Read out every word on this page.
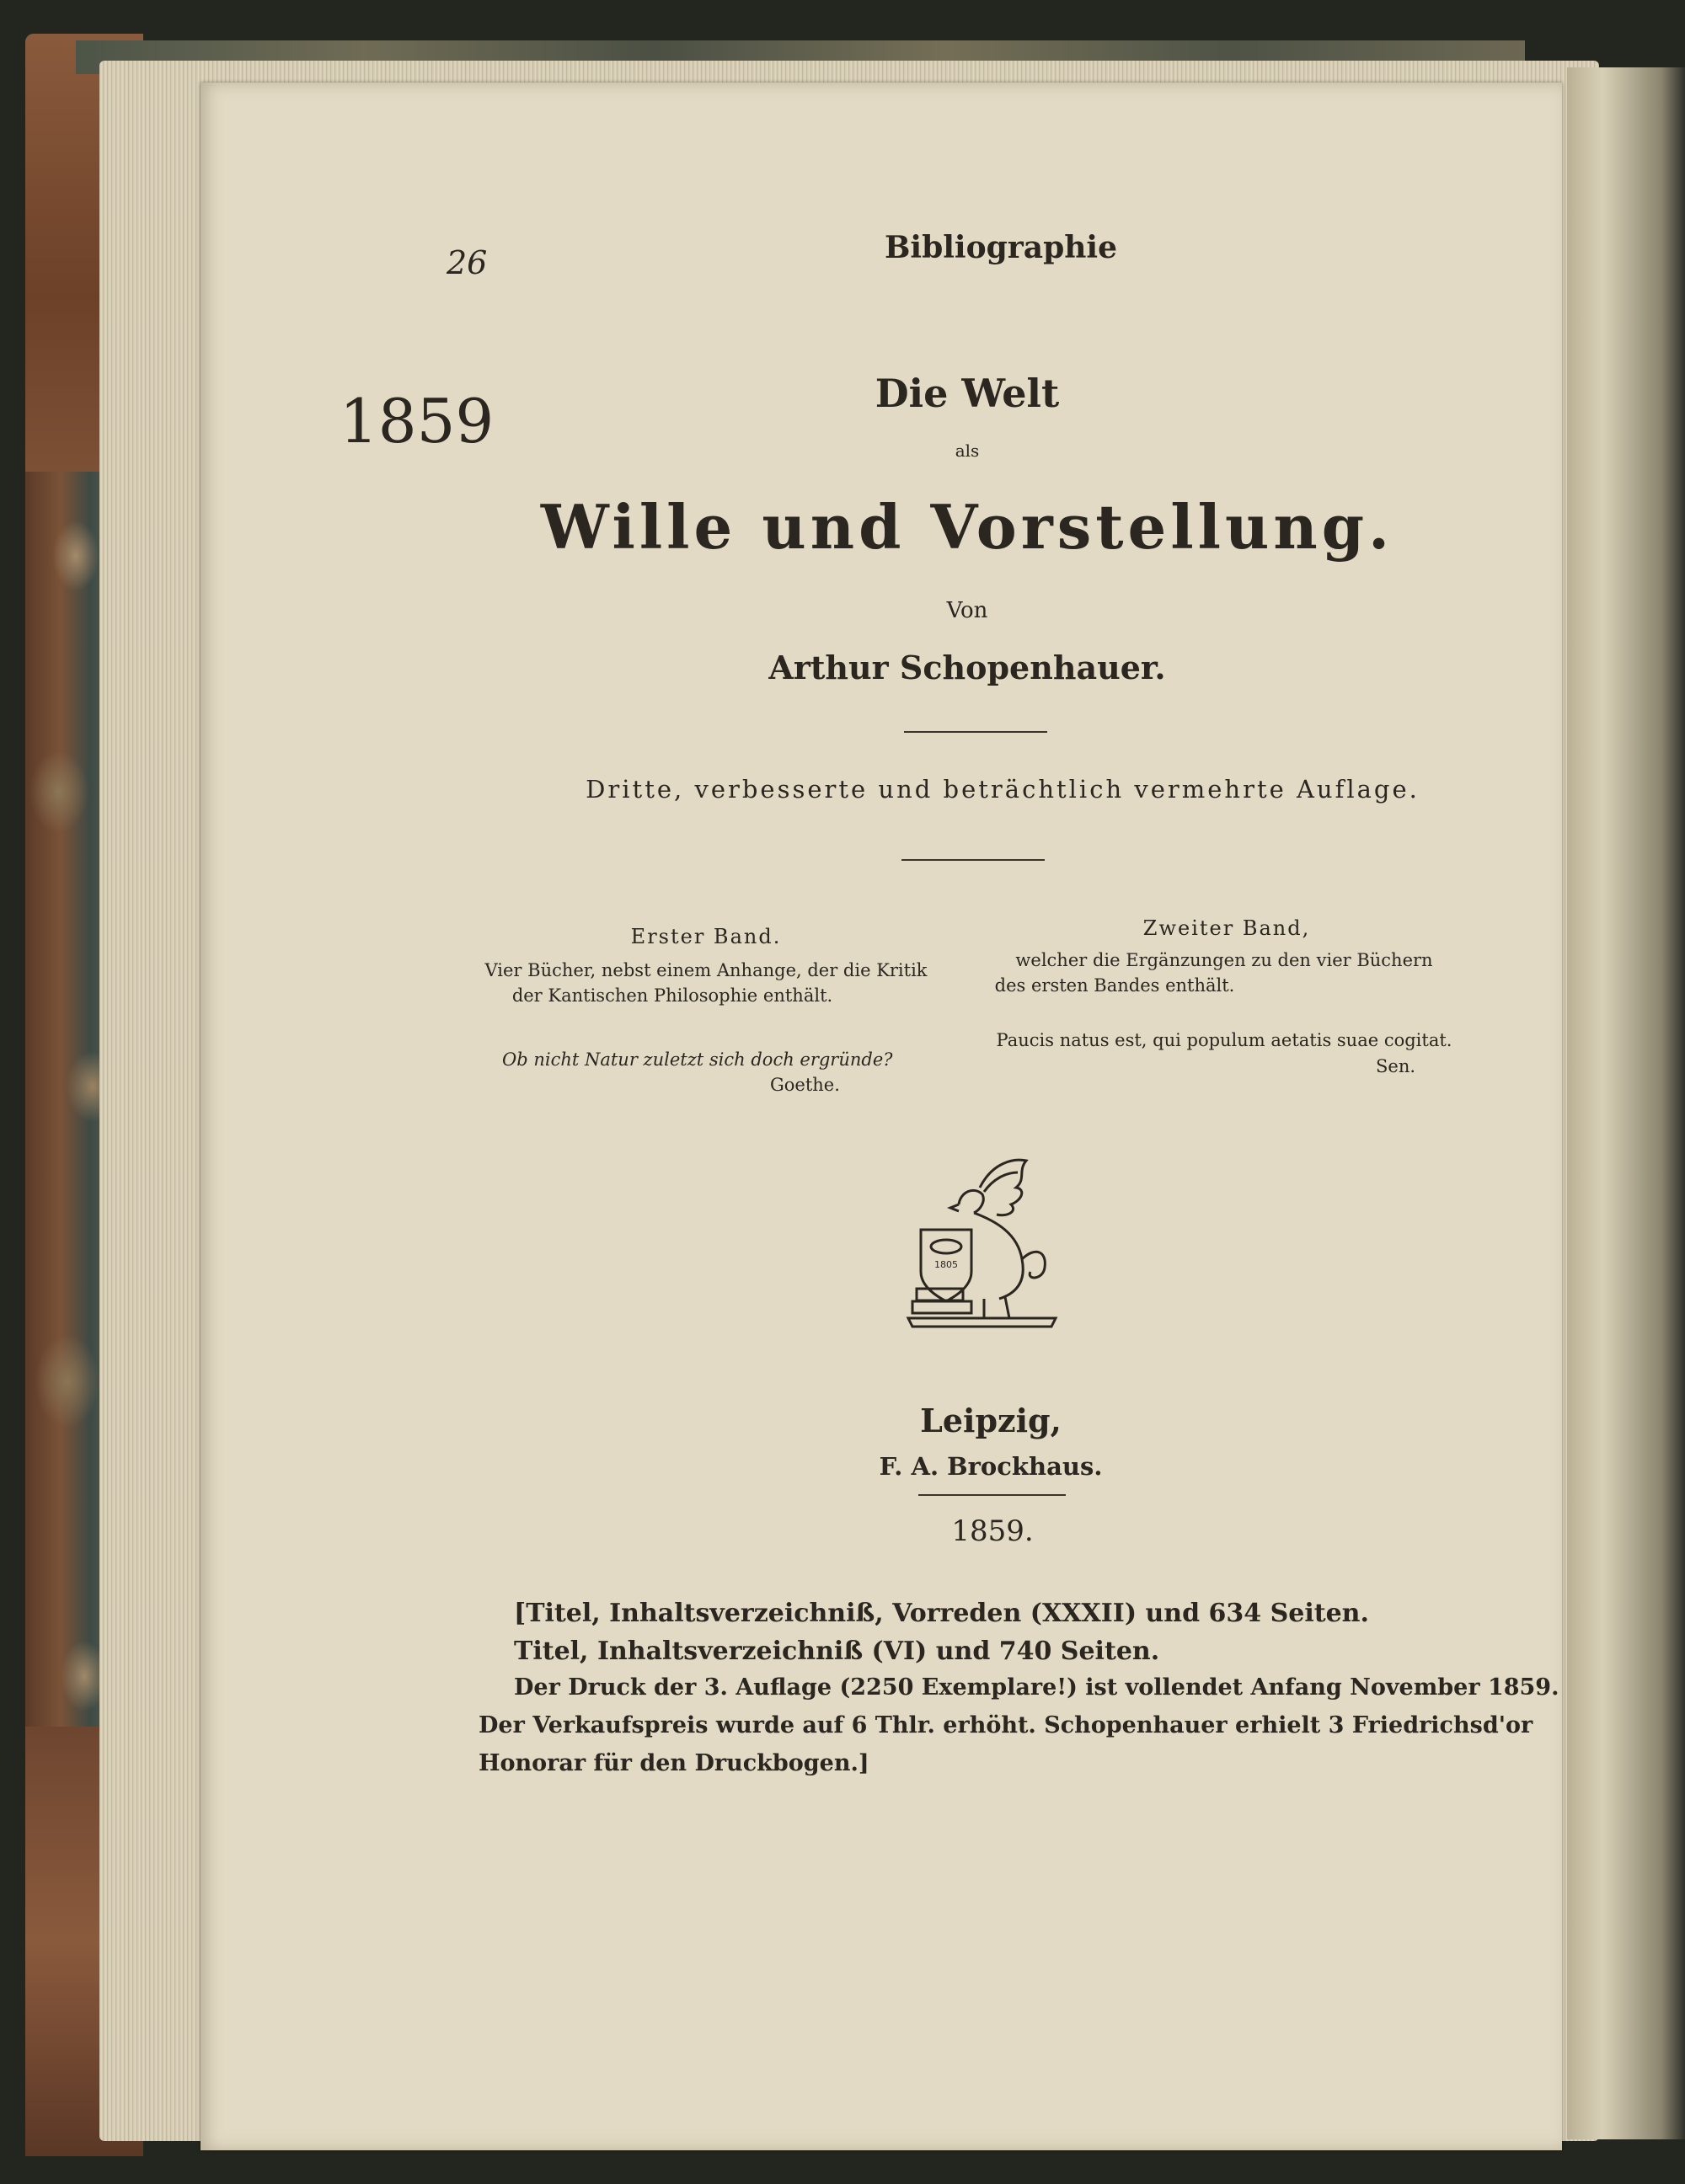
26	Bibliographie
1859	Die Welt
als
Wille und Vorstellung.
Von
Arthur Schopenhauer.
Dritte, verbesserte und beträchtlich vermehrte Auflage.
Erster Band.
Vier Bücher, nebst einem Anhange, der die Kritik
der Kantischen Philosophie enthält.
Ob nicht Natur zuletzt sich doch ergründe?
Goethe.
Zweiter Band,
welcher die Ergänzungen zu den vier Büchern
des ersten Bandes enthält.
Paucis natus est, qui populum aetatis suae cogitat.
Sen.
1805
Leipzig,
F. A. Brockhaus.
1859.
[Titel, Inhaltsverzeichniß, Vorreden (XXXII) und 634 Seiten.
Titel, Inhaltsverzeichniß (VI) und 740 Seiten.
Der Druck der 3. Auflage (2250 Exemplare!) ist vollendet Anfang November 1859.
Der Verkaufspreis wurde auf 6 Thlr. erhöht. Schopenhauer erhielt 3 Friedrichsd'or
Honorar für den Druckbogen.]
